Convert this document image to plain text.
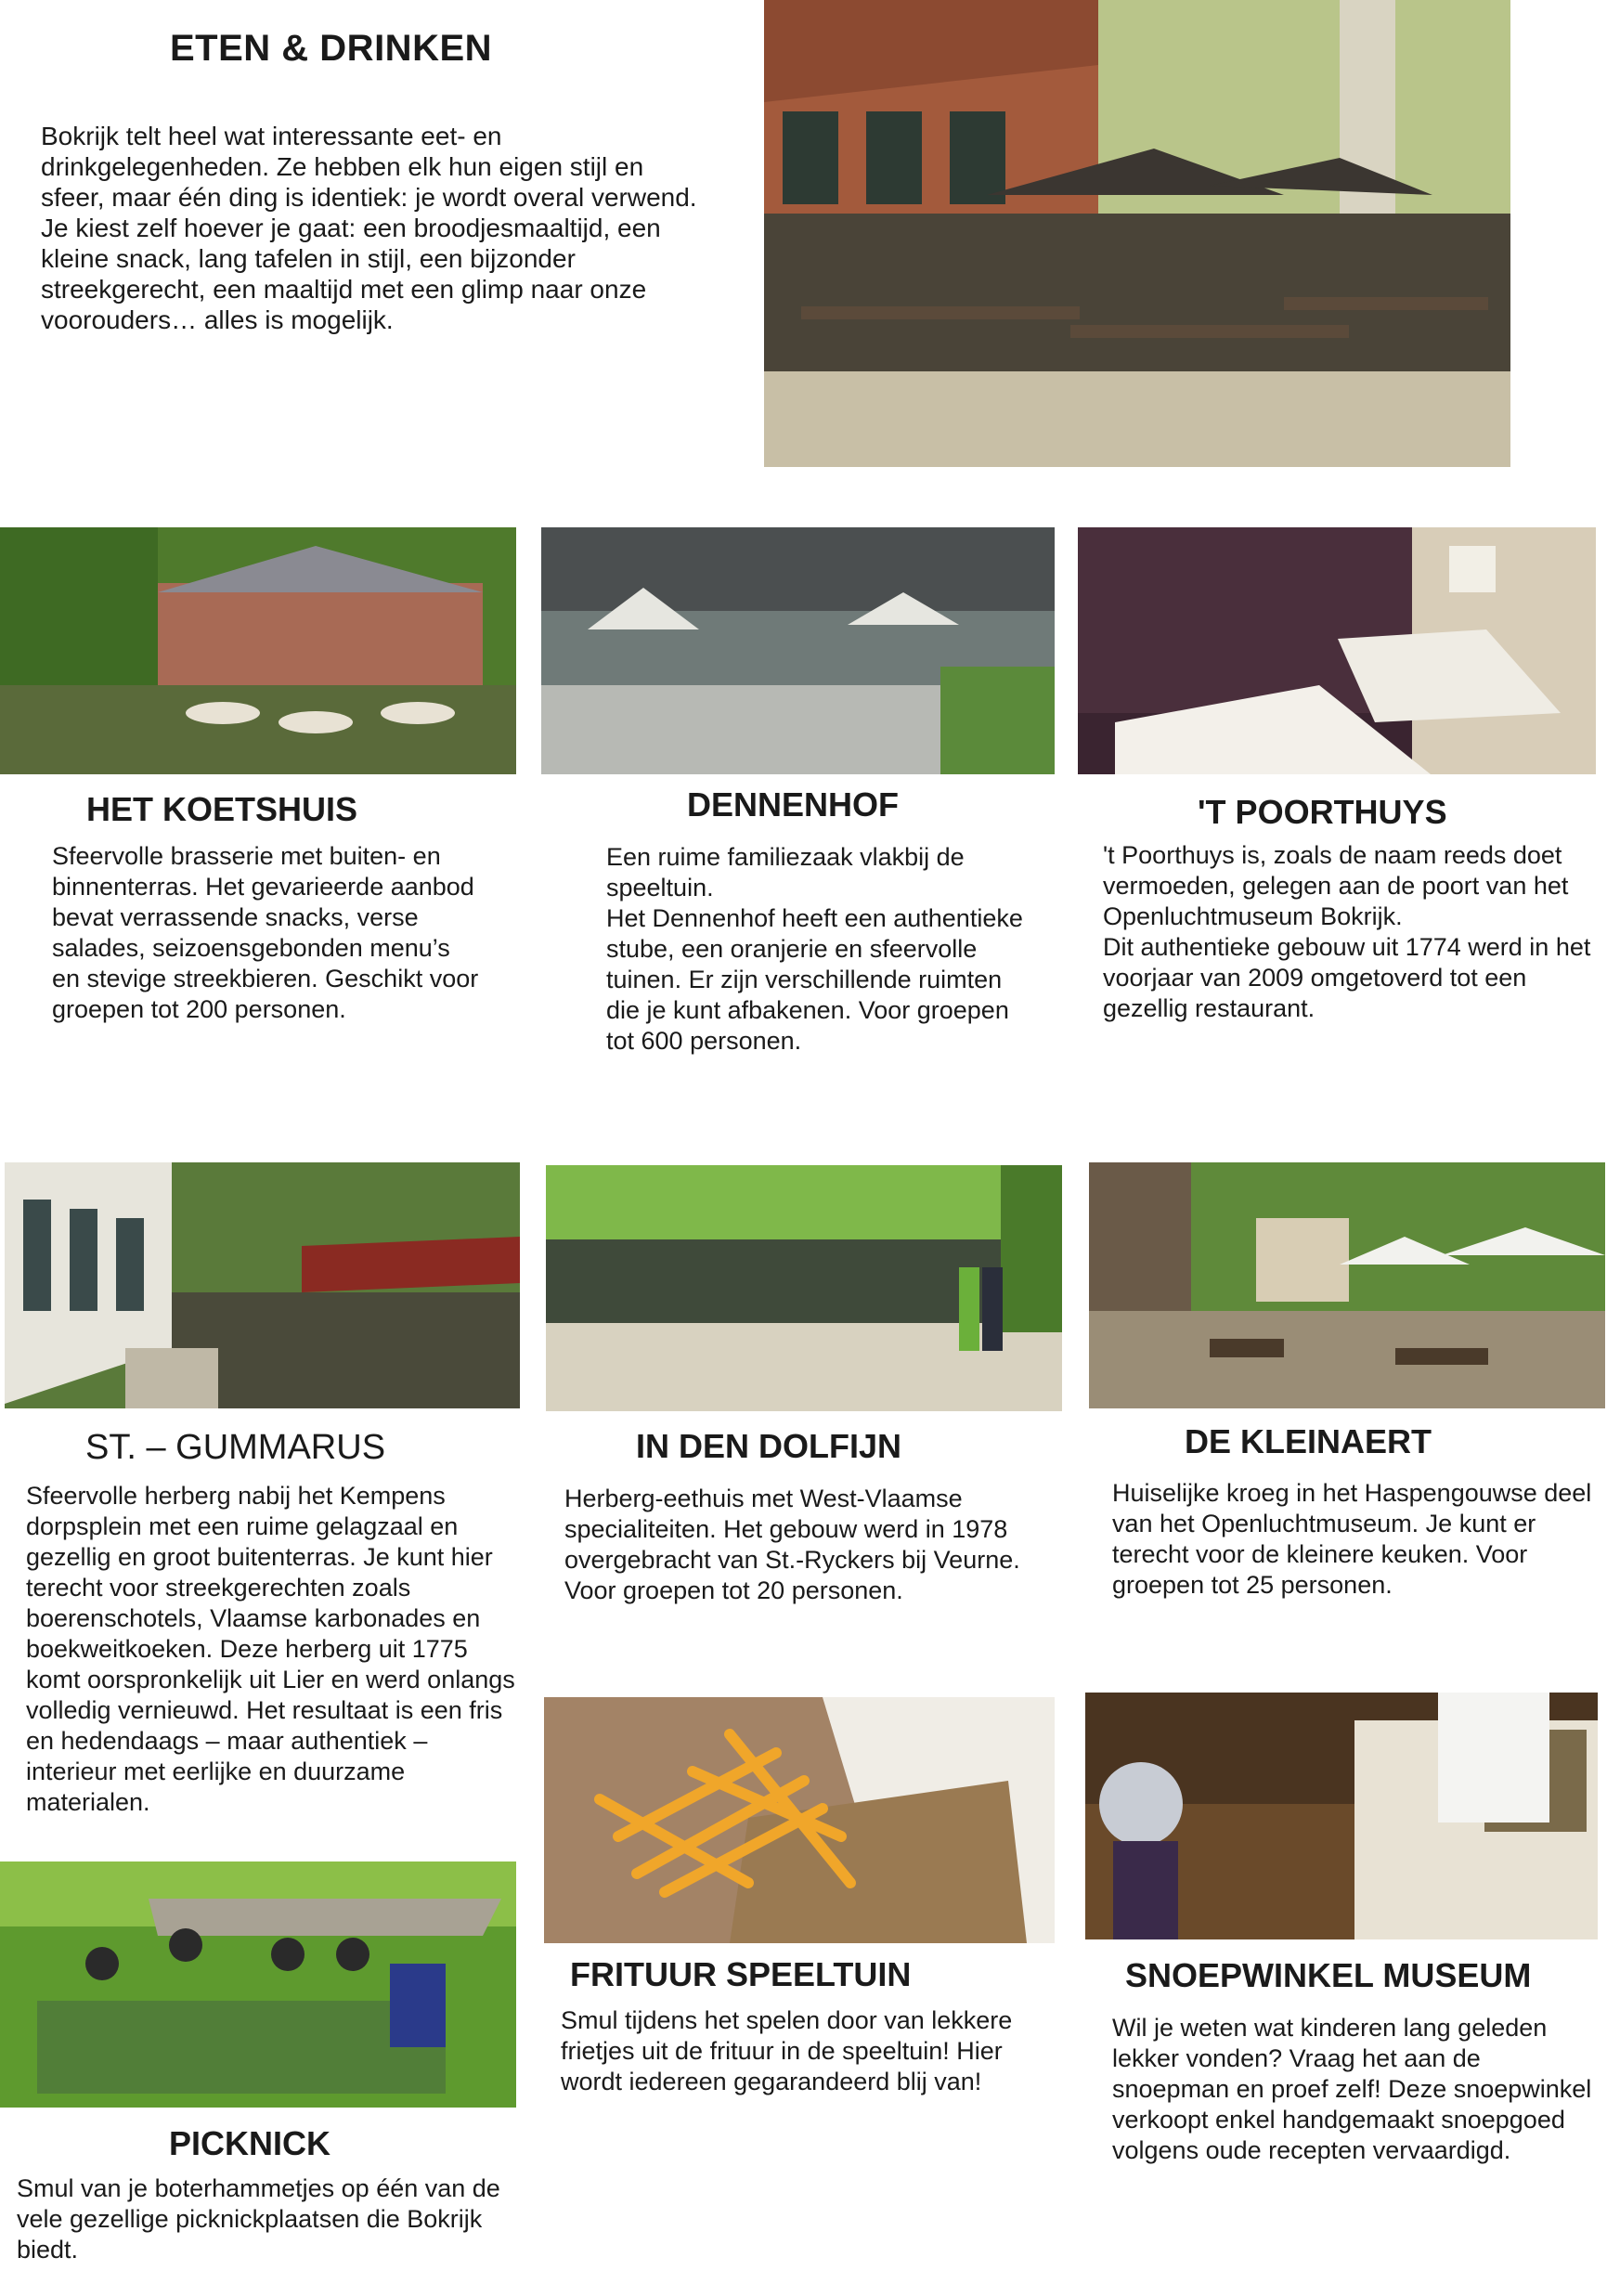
ETEN & DRINKEN

Bokrijk telt heel wat interessante eet- en drinkgelegenheden. Ze hebben elk hun eigen stijl en sfeer, maar één ding is identiek: je wordt overal verwend. Je kiest zelf hoever je gaat: een broodjesmaaltijd, een kleine snack, lang tafelen in stijl, een bijzonder streekgerecht, een maaltijd met een glimp naar onze voorouders… alles is mogelijk.

HET KOETSHUIS

Sfeervolle brasserie met buiten- en binnenterras. Het gevarieerde aanbod bevat verrassende snacks, verse salades, seizoensgebonden menu’s en stevige streekbieren. Geschikt voor groepen tot 200 personen.

DENNENHOF

Een ruime familiezaak vlakbij de speeltuin.
Het Dennenhof heeft een authentieke stube, een oranjerie en sfeervolle tuinen. Er zijn verschillende ruimten die je kunt afbakenen. Voor groepen tot 600 personen.

'T POORTHUYS

't Poorthuys is, zoals de naam reeds doet vermoeden, gelegen aan de poort van het Openluchtmuseum Bokrijk.
Dit authentieke gebouw uit 1774 werd in het voorjaar van 2009 omgetoverd tot een gezellig restaurant.

ST. – GUMMARUS

Sfeervolle herberg nabij het Kempens dorpsplein met een ruime gelagzaal en gezellig en groot buitenterras. Je kunt hier terecht voor streekgerechten zoals boerenschotels, Vlaamse karbonades en boekweitkoeken. Deze herberg uit 1775 komt oorspronkelijk uit Lier en werd onlangs volledig vernieuwd. Het resultaat is een fris en hedendaags – maar authentiek – interieur met eerlijke en duurzame materialen.

IN DEN DOLFIJN

Herberg-eethuis met West-Vlaamse specialiteiten. Het gebouw werd in 1978 overgebracht van St.-Ryckers bij Veurne. Voor groepen tot 20 personen.

DE KLEINAERT

Huiselijke kroeg in het Haspengouwse deel van het Openluchtmuseum. Je kunt er terecht voor de kleinere keuken. Voor groepen tot 25 personen.

PICKNICK

Smul van je boterhammetjes op één van de vele gezellige picknickplaatsen die Bokrijk biedt.

FRITUUR SPEELTUIN

Smul tijdens het spelen door van lekkere frietjes uit de frituur in de speeltuin! Hier wordt iedereen gegarandeerd blij van!

SNOEPWINKEL MUSEUM

Wil je weten wat kinderen lang geleden lekker vonden? Vraag het aan de snoepman en proef zelf! Deze snoepwinkel verkoopt enkel handgemaakt snoepgoed volgens oude recepten vervaardigd.
